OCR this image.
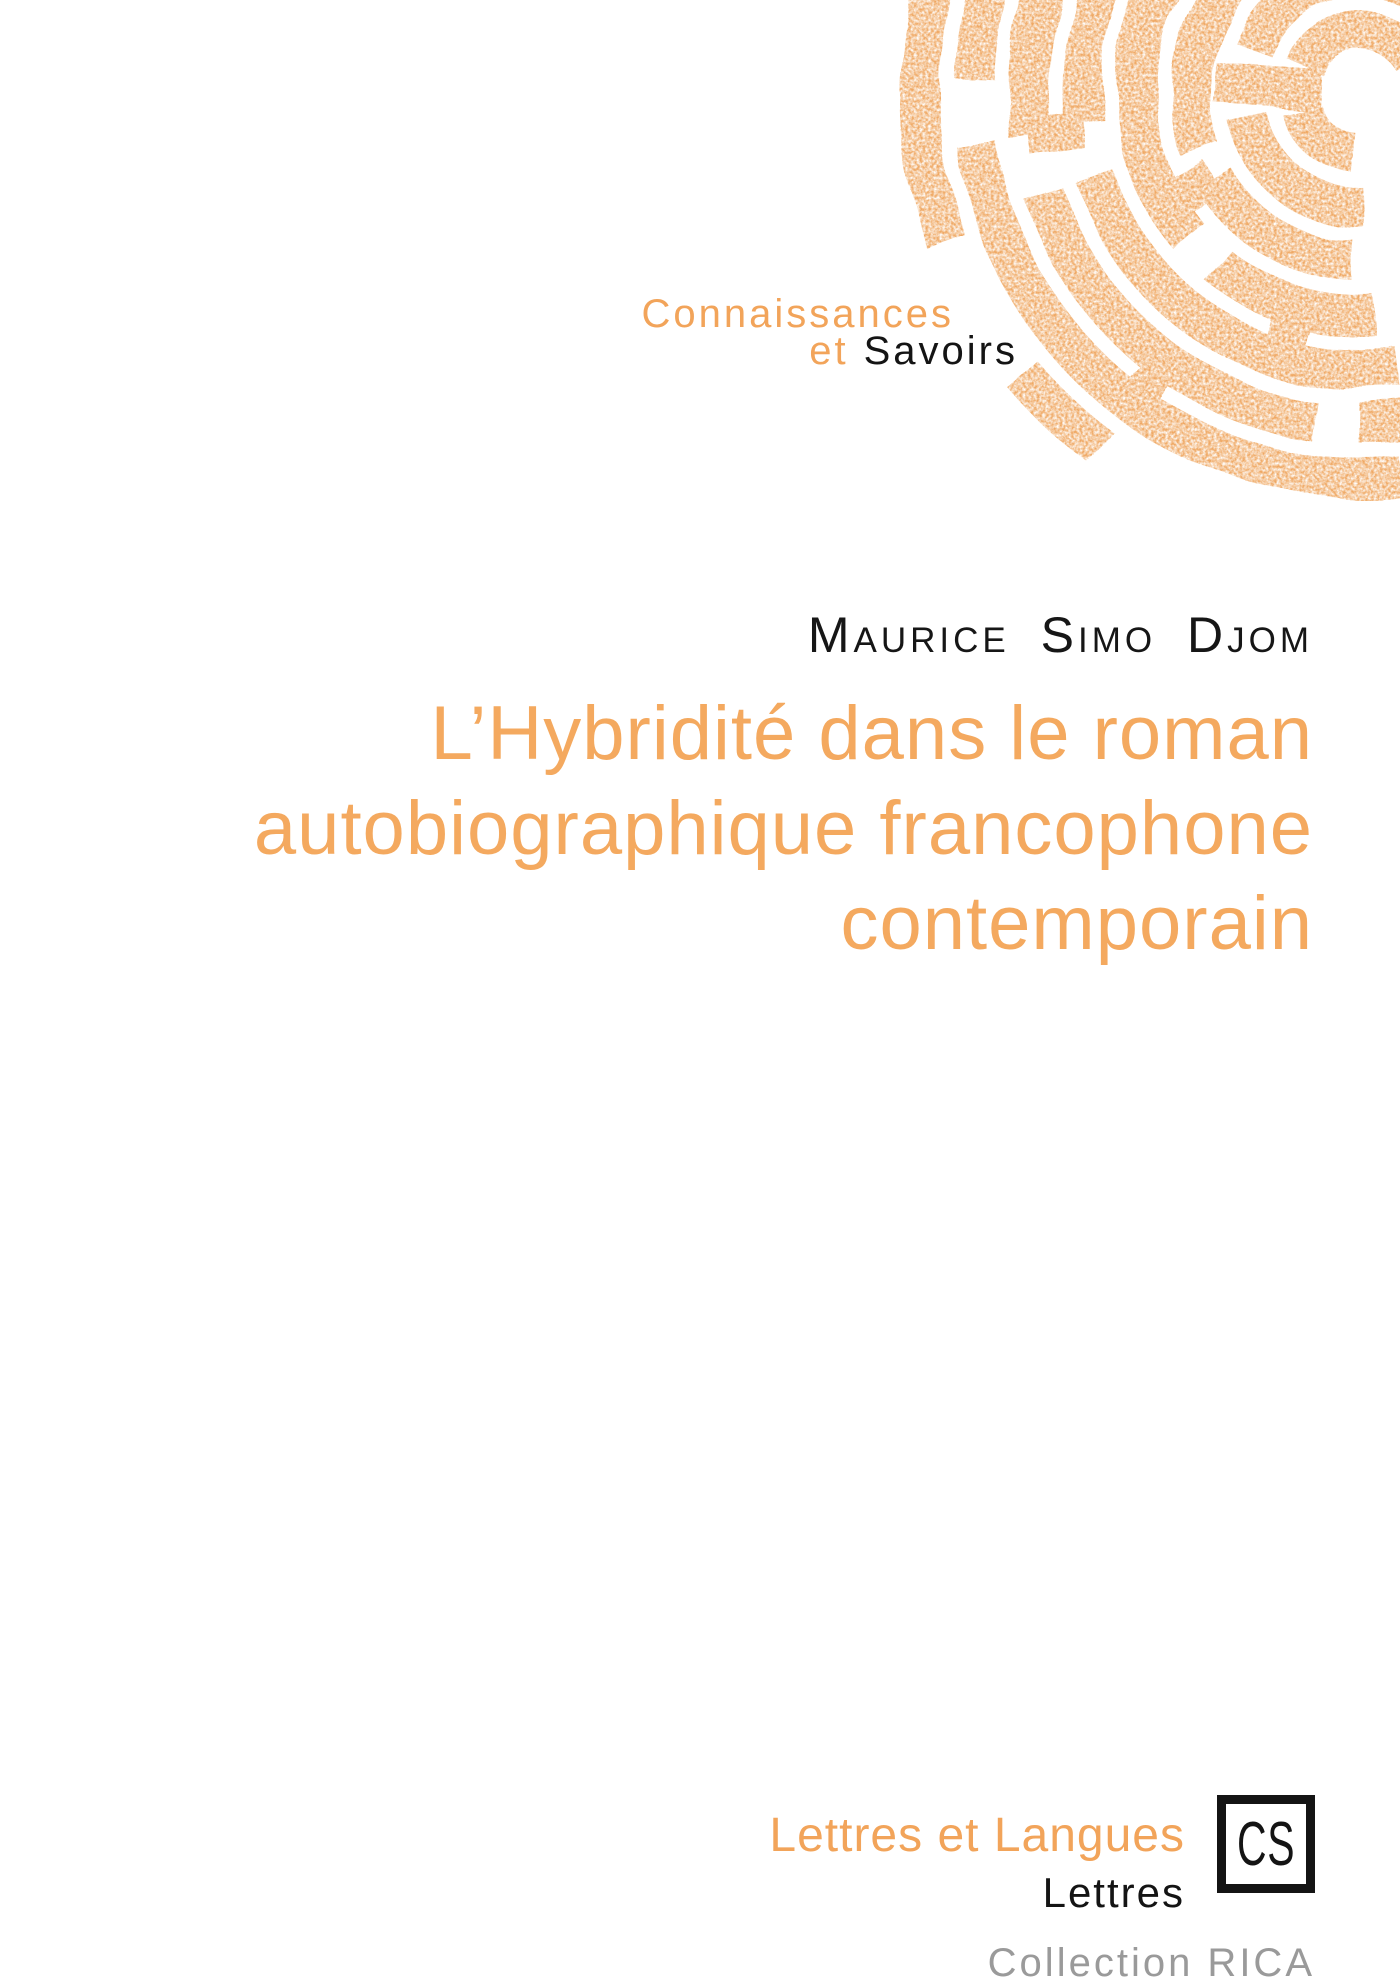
Connaissances
et Savoirs
Maurice Simo Djom
L’Hybridité dans le roman
autobiographique francophone
contemporain
Lettres et Langues
Lettres
CS
Collection RICA
